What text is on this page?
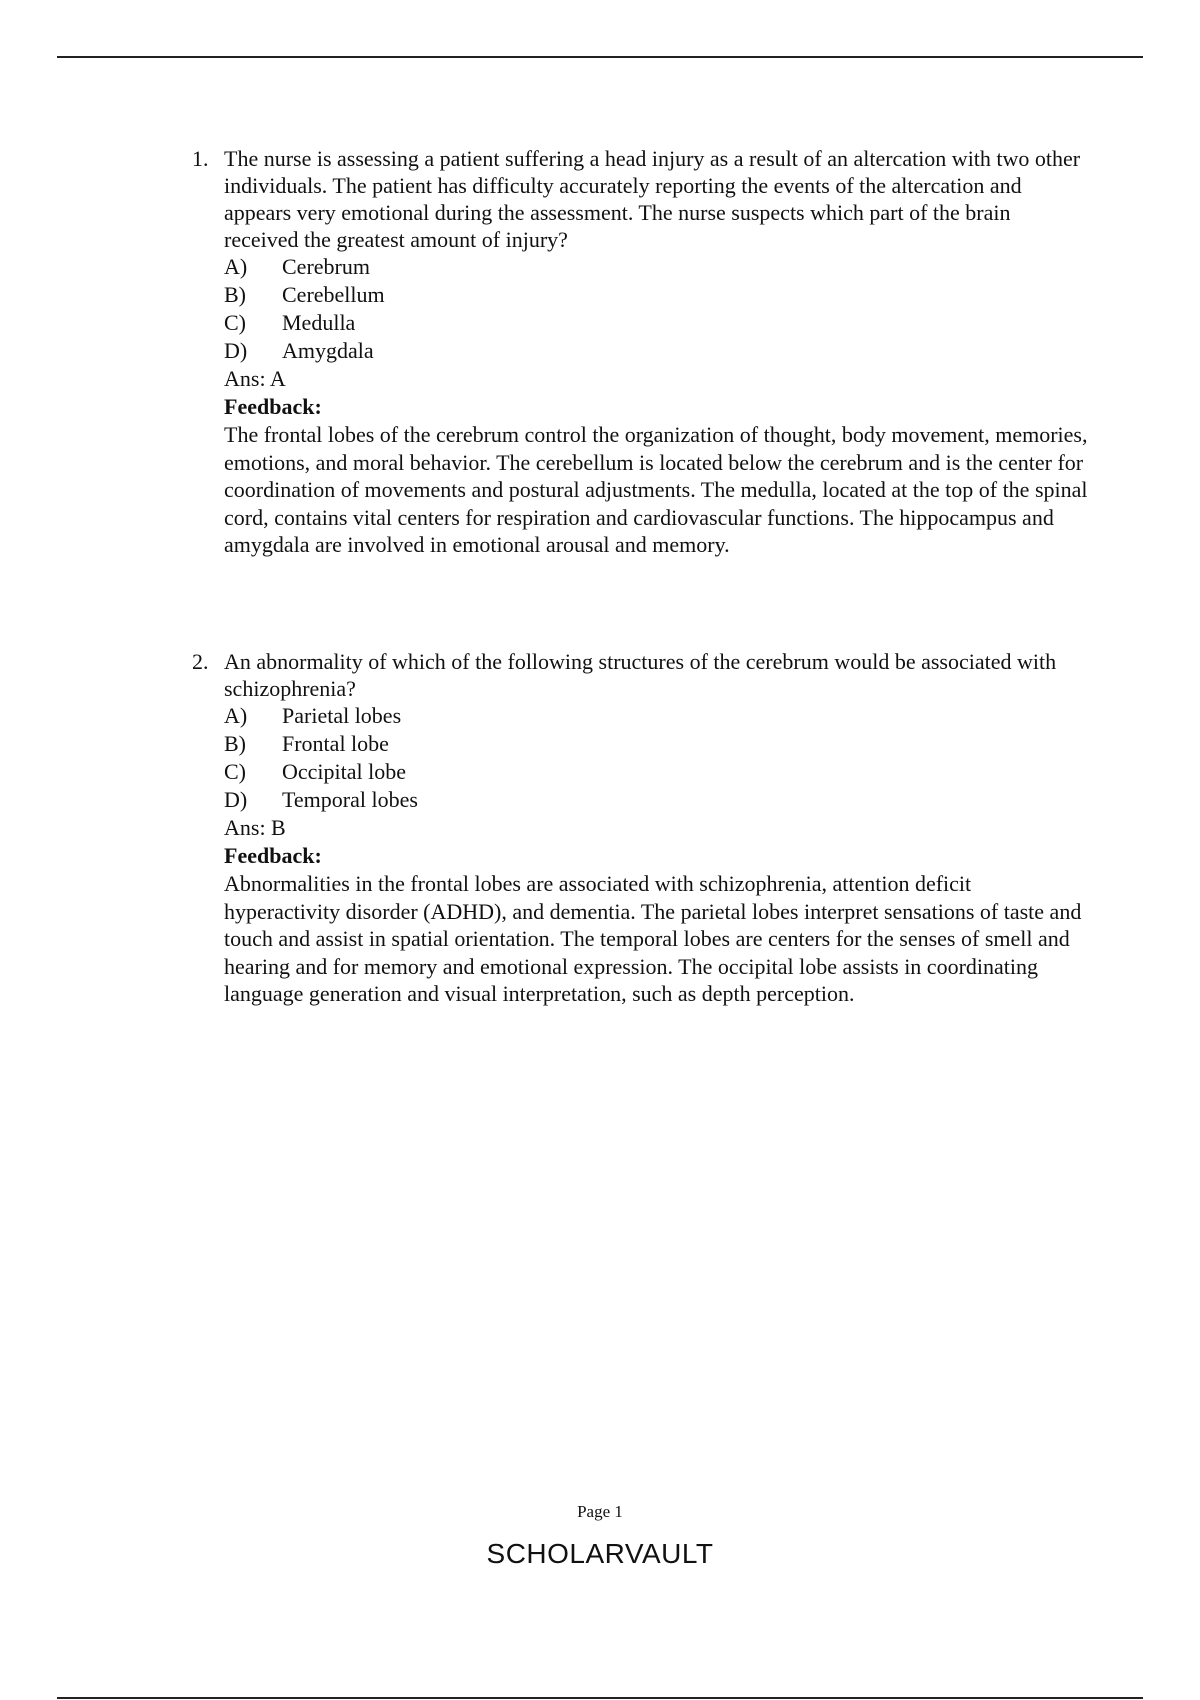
1. The nurse is assessing a patient suffering a head injury as a result of an altercation with two other individuals. The patient has difficulty accurately reporting the events of the altercation and appears very emotional during the assessment. The nurse suspects which part of the brain received the greatest amount of injury?

A)	Cerebrum
B)	Cerebellum
C)	Medulla
D)	Amygdala
Ans: A
Feedback:

The frontal lobes of the cerebrum control the organization of thought, body movement, memories, emotions, and moral behavior. The cerebellum is located below the cerebrum and is the center for coordination of movements and postural adjustments. The medulla, located at the top of the spinal cord, contains vital centers for respiration and cardiovascular functions. The hippocampus and amygdala are involved in emotional arousal and memory.

2. An abnormality of which of the following structures of the cerebrum would be associated with schizophrenia?

A)	Parietal lobes
B)	Frontal lobe
C)	Occipital lobe
D)	Temporal lobes
Ans: B
Feedback:

Abnormalities in the frontal lobes are associated with schizophrenia, attention deficit hyperactivity disorder (ADHD), and dementia. The parietal lobes interpret sensations of taste and touch and assist in spatial orientation. The temporal lobes are centers for the senses of smell and hearing and for memory and emotional expression. The occipital lobe assists in coordinating language generation and visual interpretation, such as depth perception.

Page 1
SCHOLARVAULT
